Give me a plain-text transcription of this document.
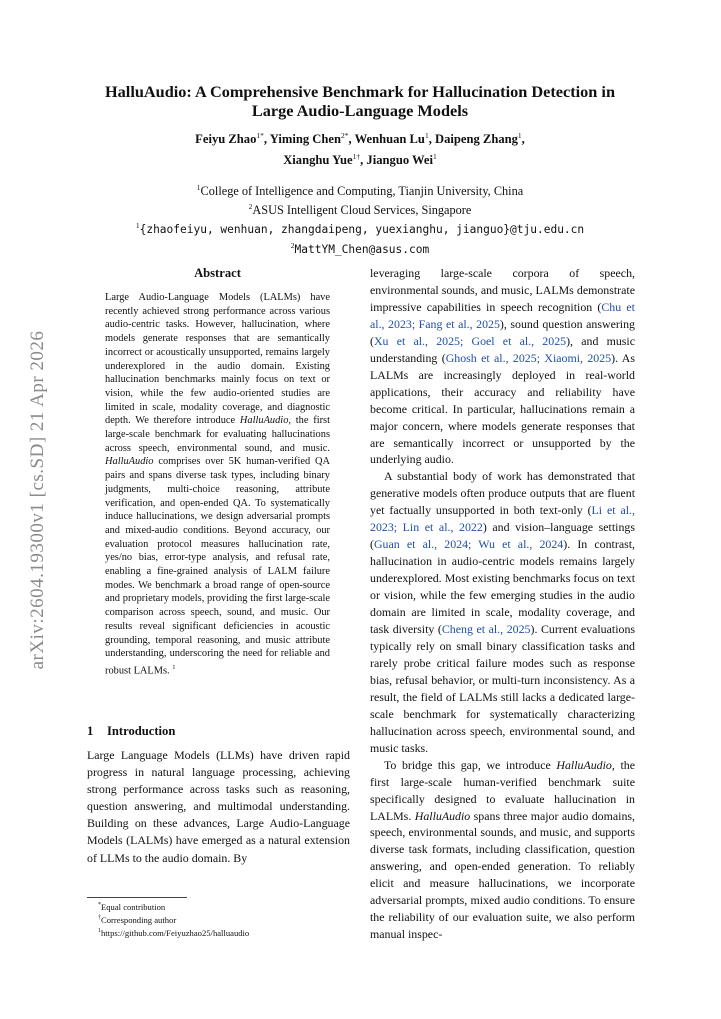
arXiv:2604.19300v1 [cs.SD] 21 Apr 2026
HalluAudio: A Comprehensive Benchmark for Hallucination Detection in
Large Audio-Language Models
Feiyu Zhao$^{1*}$, Yiming Chen$^{2*}$, Wenhuan Lu$^1$, Daipeng Zhang$^1$,
Xianghu Yue$^{1\dagger}$, Jianguo Wei$^1$
$^1$College of Intelligence and Computing, Tianjin University, China
$^2$ASUS Intelligent Cloud Services, Singapore
$^1${zhaofeiyu, wenhuan, zhangdaipeng, yuexianghu, jianguo}@tju.edu.cn
$^2$MattYM_Chen@asus.com
Abstract
Large Audio-Language Models (LALMs) have recently achieved strong performance across various audio-centric tasks. However, hallucination, where models generate responses that are semantically incorrect or acoustically unsupported, remains largely underexplored in the audio domain. Existing hallucination benchmarks mainly focus on text or vision, while the few audio-oriented studies are limited in scale, modality coverage, and diagnostic depth. We therefore introduce HalluAudio, the first large-scale benchmark for evaluating hallucinations across speech, environmental sound, and music. HalluAudio comprises over 5K human-verified QA pairs and spans diverse task types, including binary judgments, multi-choice reasoning, attribute verification, and open-ended QA. To systematically induce hallucinations, we design adversarial prompts and mixed-audio conditions. Beyond accuracy, our evaluation protocol measures hallucination rate, yes/no bias, error-type analysis, and refusal rate, enabling a fine-grained analysis of LALM failure modes. We benchmark a broad range of open-source and proprietary models, providing the first large-scale comparison across speech, sound, and music. Our results reveal significant deficiencies in acoustic grounding, temporal reasoning, and music attribute understanding, underscoring the need for reliable and robust LALMs. $^1$
1 Introduction
Large Language Models (LLMs) have driven rapid progress in natural language processing, achieving strong performance across tasks such as reasoning, question answering, and multimodal understanding. Building on these advances, Large Audio-Language Models (LALMs) have emerged as a natural extension of LLMs to the audio domain. By
*Equal contribution
†Corresponding author
$^1$https://github.com/Feiyuzhao25/halluaudio

leveraging large-scale corpora of speech, environmental sounds, and music, LALMs demonstrate impressive capabilities in speech recognition (Chu et al., 2023; Fang et al., 2025), sound question answering (Xu et al., 2025; Goel et al., 2025), and music understanding (Ghosh et al., 2025; Xiaomi, 2025). As LALMs are increasingly deployed in real-world applications, their accuracy and reliability have become critical. In particular, hallucinations remain a major concern, where models generate responses that are semantically incorrect or unsupported by the underlying audio.

A substantial body of work has demonstrated that generative models often produce outputs that are fluent yet factually unsupported in both text-only (Li et al., 2023; Lin et al., 2022) and vision–language settings (Guan et al., 2024; Wu et al., 2024). In contrast, hallucination in audio-centric models remains largely underexplored. Most existing benchmarks focus on text or vision, while the few emerging studies in the audio domain are limited in scale, modality coverage, and task diversity (Cheng et al., 2025). Current evaluations typically rely on small binary classification tasks and rarely probe critical failure modes such as response bias, refusal behavior, or multi-turn inconsistency. As a result, the field of LALMs still lacks a dedicated large-scale benchmark for systematically characterizing hallucination across speech, environmental sound, and music tasks.

To bridge this gap, we introduce HalluAudio, the first large-scale human-verified benchmark suite specifically designed to evaluate hallucination in LALMs. HalluAudio spans three major audio domains, speech, environmental sounds, and music, and supports diverse task formats, including classification, question answering, and open-ended generation. To reliably elicit and measure hallucinations, we incorporate adversarial prompts, mixed audio conditions. To ensure the reliability of our evaluation suite, we also perform manual inspec-
